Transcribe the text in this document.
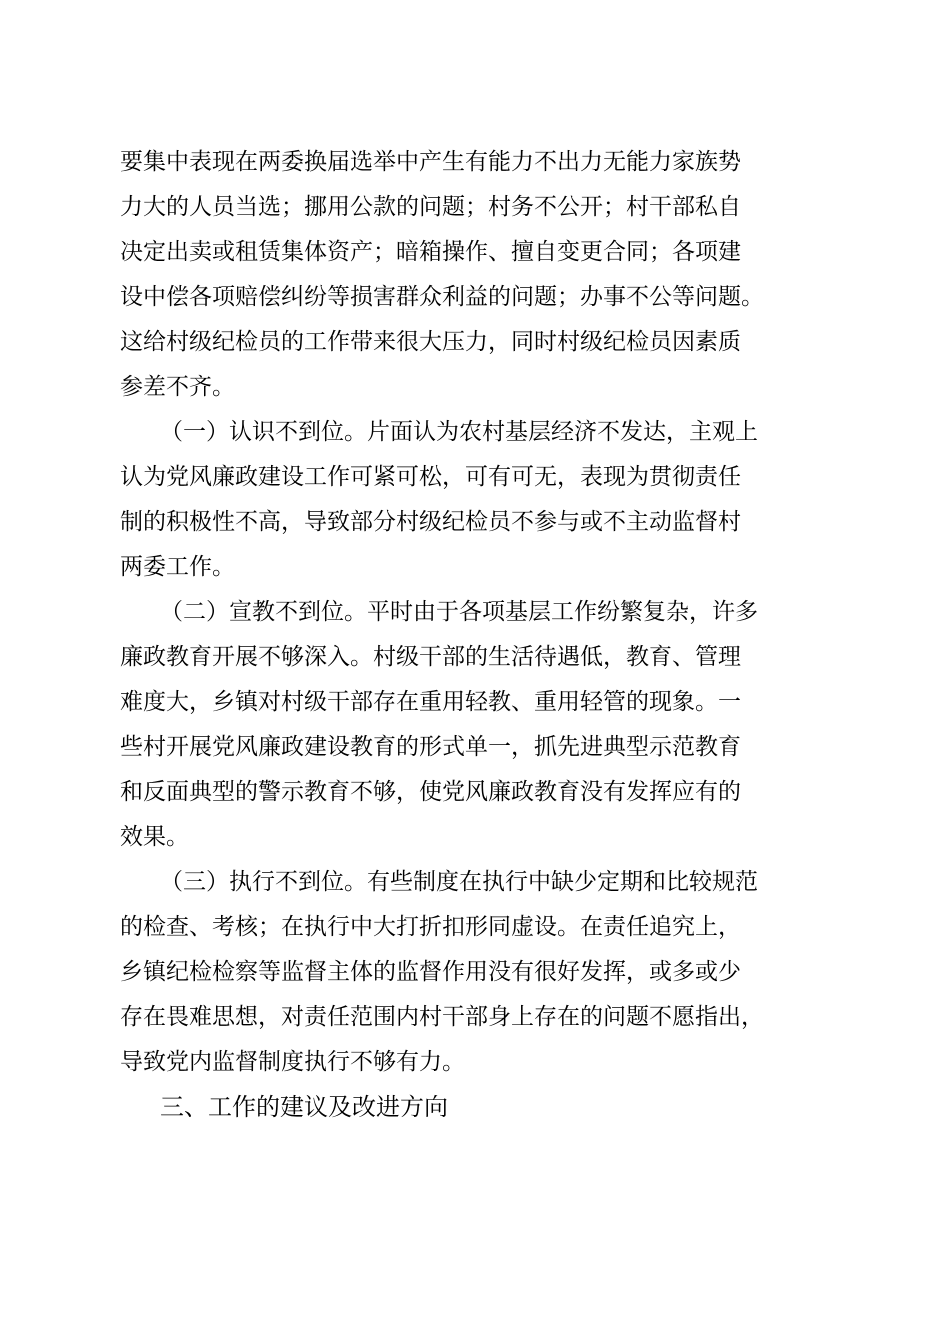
要集中表现在两委换届选举中产生有能力不出力无能力家族势
力大的人员当选；挪用公款的问题；村务不公开；村干部私自
决定出卖或租赁集体资产；暗箱操作、擅自变更合同；各项建
设中偿各项赔偿纠纷等损害群众利益的问题；办事不公等问题。
这给村级纪检员的工作带来很大压力，同时村级纪检员因素质
参差不齐。
（一）认识不到位。片面认为农村基层经济不发达，主观上
认为党风廉政建设工作可紧可松，可有可无，表现为贯彻责任
制的积极性不高，导致部分村级纪检员不参与或不主动监督村
两委工作。
（二）宣教不到位。平时由于各项基层工作纷繁复杂，许多
廉政教育开展不够深入。村级干部的生活待遇低，教育、管理
难度大，乡镇对村级干部存在重用轻教、重用轻管的现象。一
些村开展党风廉政建设教育的形式单一，抓先进典型示范教育
和反面典型的警示教育不够，使党风廉政教育没有发挥应有的
效果。
（三）执行不到位。有些制度在执行中缺少定期和比较规范
的检查、考核；在执行中大打折扣形同虚设。在责任追究上，
乡镇纪检检察等监督主体的监督作用没有很好发挥，或多或少
存在畏难思想，对责任范围内村干部身上存在的问题不愿指出，
导致党内监督制度执行不够有力。
三、工作的建议及改进方向
